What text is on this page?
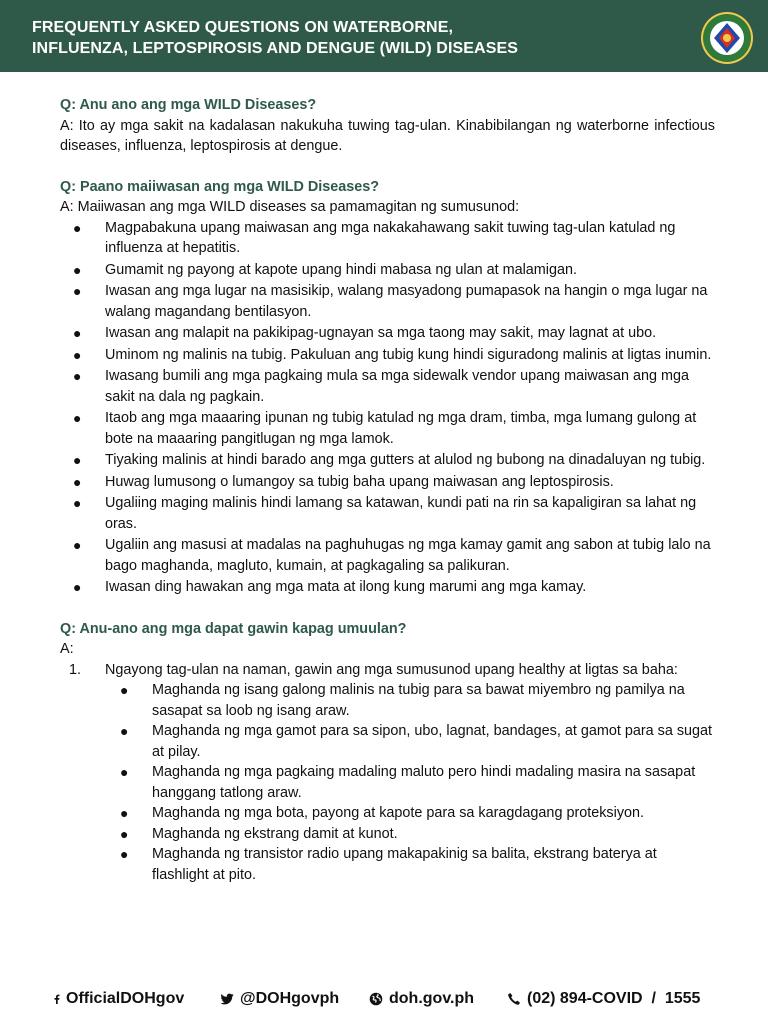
FREQUENTLY ASKED QUESTIONS ON WATERBORNE,
INFLUENZA, LEPTOSPIROSIS AND DENGUE (WILD) DISEASES

Q: Anu ano ang mga WILD Diseases?

A: Ito ay mga sakit na kadalasan nakukuha tuwing tag-ulan. Kinabibilangan ng waterborne infectious diseases, influenza, leptospirosis at dengue.

Q: Paano maiiwasan ang mga WILD Diseases?

A: Maiiwasan ang mga WILD diseases sa pamamagitan ng sumusunod:

● Magpabakuna upang maiwasan ang mga nakakahawang sakit tuwing tag-ulan katulad ng influenza at hepatitis.
● Gumamit ng payong at kapote upang hindi mabasa ng ulan at malamigan.
● Iwasan ang mga lugar na masisikip, walang masyadong pumapasok na hangin o mga lugar na walang magandang bentilasyon.
● Iwasan ang malapit na pakikipag-ugnayan sa mga taong may sakit, may lagnat at ubo.
● Uminom ng malinis na tubig. Pakuluan ang tubig kung hindi siguradong malinis at ligtas inumin.
● Iwasang bumili ang mga pagkaing mula sa mga sidewalk vendor upang maiwasan ang mga sakit na dala ng pagkain.
● Itaob ang mga maaaring ipunan ng tubig katulad ng mga dram, timba, mga lumang gulong at bote na maaaring pangitlugan ng mga lamok.
● Tiyaking malinis at hindi barado ang mga gutters at alulod ng bubong na dinadaluyan ng tubig.
● Huwag lumusong o lumangoy sa tubig baha upang maiwasan ang leptospirosis.
● Ugaliing maging malinis hindi lamang sa katawan, kundi pati na rin sa kapaligiran sa lahat ng oras.
● Ugaliin ang masusi at madalas na paghuhugas ng mga kamay gamit ang sabon at tubig lalo na bago maghanda, magluto, kumain, at pagkagaling sa palikuran.
● Iwasan ding hawakan ang mga mata at ilong kung marumi ang mga kamay.

Q: Anu-ano ang mga dapat gawin kapag umuulan?

A:

1. Ngayong tag-ulan na naman, gawin ang mga sumusunod upang healthy at ligtas sa baha:
● Maghanda ng isang galong malinis na tubig para sa bawat miyembro ng pamilya na sasapat sa loob ng isang araw.
● Maghanda ng mga gamot para sa sipon, ubo, lagnat, bandages, at gamot para sa sugat at pilay.
● Maghanda ng mga pagkaing madaling maluto pero hindi madaling masira na sasapat hanggang tatlong araw.
● Maghanda ng mga bota, payong at kapote para sa karagdagang proteksiyon.
● Maghanda ng ekstrang damit at kunot.
● Maghanda ng transistor radio upang makapakinig sa balita, ekstrang baterya at flashlight at pito.
OfficialDOHgov	@DOHgovph	doh.gov.ph	(02) 894-COVID  /  1555
